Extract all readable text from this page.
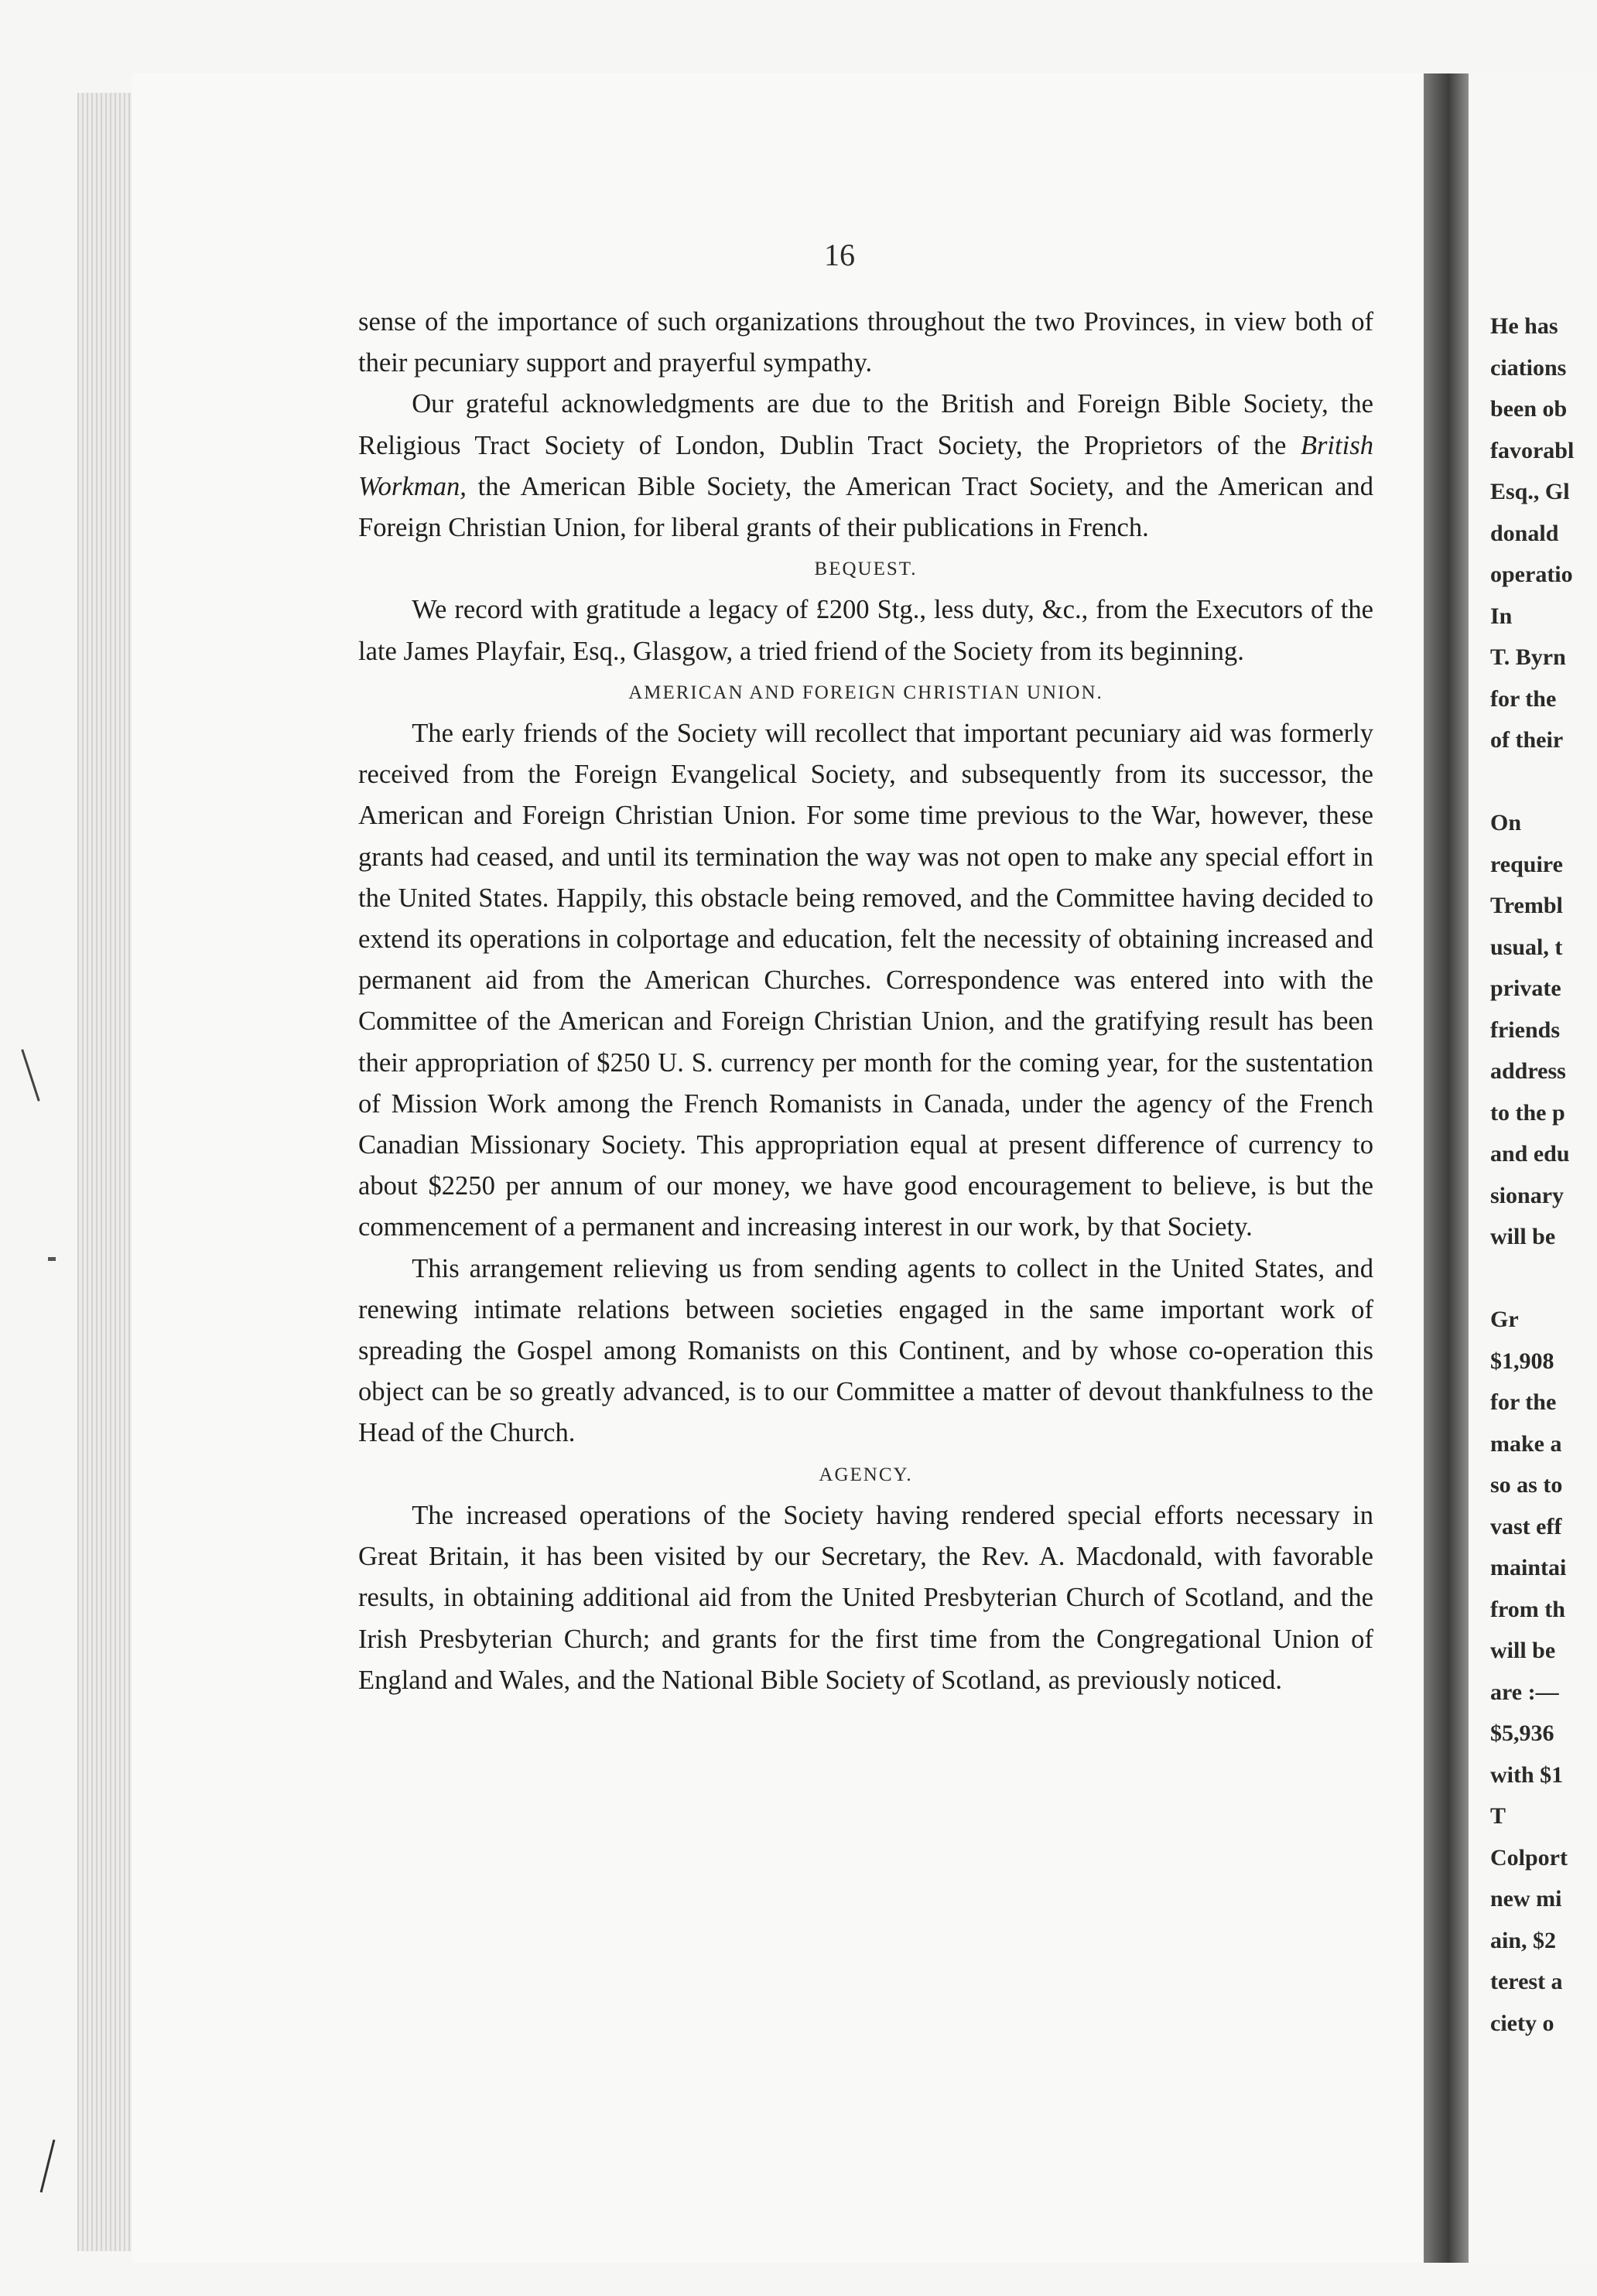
He has
ciations
been ob
favorabl
Esq., Gl
donald
operatio
In
T. Byrn
for the
of their
On
require
Trembl
usual, t
private
friends
address
to the p
and edu
sionary
will be
Gr
$1,908
for the
make a
so as to
vast eff
maintai
from th
will be
are :—
$5,936
with $1
T
Colport
new mi
ain, $2
terest a
ciety o
16

sense of the importance of such organizations throughout the two Provinces, in view both of their pecuniary support and prayerful sympathy.

Our grateful acknowledgments are due to the British and Foreign Bible Society, the Religious Tract Society of London, Dublin Tract Society, the Proprietors of the British Workman, the American Bible Society, the American Tract Society, and the American and Foreign Christian Union, for liberal grants of their publications in French.

BEQUEST.

We record with gratitude a legacy of £200 Stg., less duty, &c., from the Executors of the late James Playfair, Esq., Glasgow, a tried friend of the Society from its beginning.

AMERICAN AND FOREIGN CHRISTIAN UNION.

The early friends of the Society will recollect that important pecuniary aid was formerly received from the Foreign Evangelical Society, and subsequently from its successor, the American and Foreign Christian Union. For some time previous to the War, however, these grants had ceased, and until its termination the way was not open to make any special effort in the United States. Happily, this obstacle being removed, and the Committee having decided to extend its operations in colportage and education, felt the necessity of obtaining increased and permanent aid from the American Churches. Correspondence was entered into with the Committee of the American and Foreign Christian Union, and the gratifying result has been their appropriation of $250 U. S. currency per month for the coming year, for the sustentation of Mission Work among the French Romanists in Canada, under the agency of the French Canadian Missionary Society. This appropriation equal at present difference of currency to about $2250 per annum of our money, we have good encouragement to believe, is but the commencement of a permanent and increasing interest in our work, by that Society.

This arrangement relieving us from sending agents to collect in the United States, and renewing intimate relations between societies engaged in the same important work of spreading the Gospel among Romanists on this Continent, and by whose co-operation this object can be so greatly advanced, is to our Committee a matter of devout thankfulness to the Head of the Church.

AGENCY.

The increased operations of the Society having rendered special efforts necessary in Great Britain, it has been visited by our Secretary, the Rev. A. Macdonald, with favorable results, in obtaining additional aid from the United Presbyterian Church of Scotland, and the Irish Presbyterian Church; and grants for the first time from the Congregational Union of England and Wales, and the National Bible Society of Scotland, as previously noticed.
